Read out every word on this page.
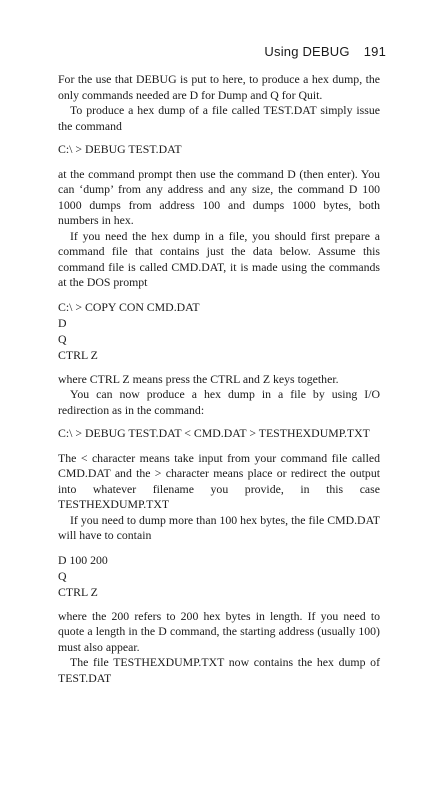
Using DEBUG 191

For the use that DEBUG is put to here, to produce a hex dump, the only commands needed are D for Dump and Q for Quit.

To produce a hex dump of a file called TEST.DAT simply issue the command

C:\ > DEBUG TEST.DAT

at the command prompt then use the command D (then enter). You can ‘dump’ from any address and any size, the command D 100 1000 dumps from address 100 and dumps 1000 bytes, both numbers in hex.

If you need the hex dump in a file, you should first prepare a command file that contains just the data below. Assume this command file is called CMD.DAT, it is made using the commands at the DOS prompt

C:\ > COPY CON CMD.DAT
D
Q
CTRL Z

where CTRL Z means press the CTRL and Z keys together.

You can now produce a hex dump in a file by using I/O redirection as in the command:

C:\ > DEBUG TEST.DAT < CMD.DAT > TESTHEXDUMP.TXT

The < character means take input from your command file called CMD.DAT and the > character means place or redirect the output into whatever filename you provide, in this case TESTHEXDUMP.TXT

If you need to dump more than 100 hex bytes, the file CMD.DAT will have to contain

D 100 200
Q
CTRL Z

where the 200 refers to 200 hex bytes in length. If you need to quote a length in the D command, the starting address (usually 100) must also appear.

The file TESTHEXDUMP.TXT now contains the hex dump of TEST.DAT
